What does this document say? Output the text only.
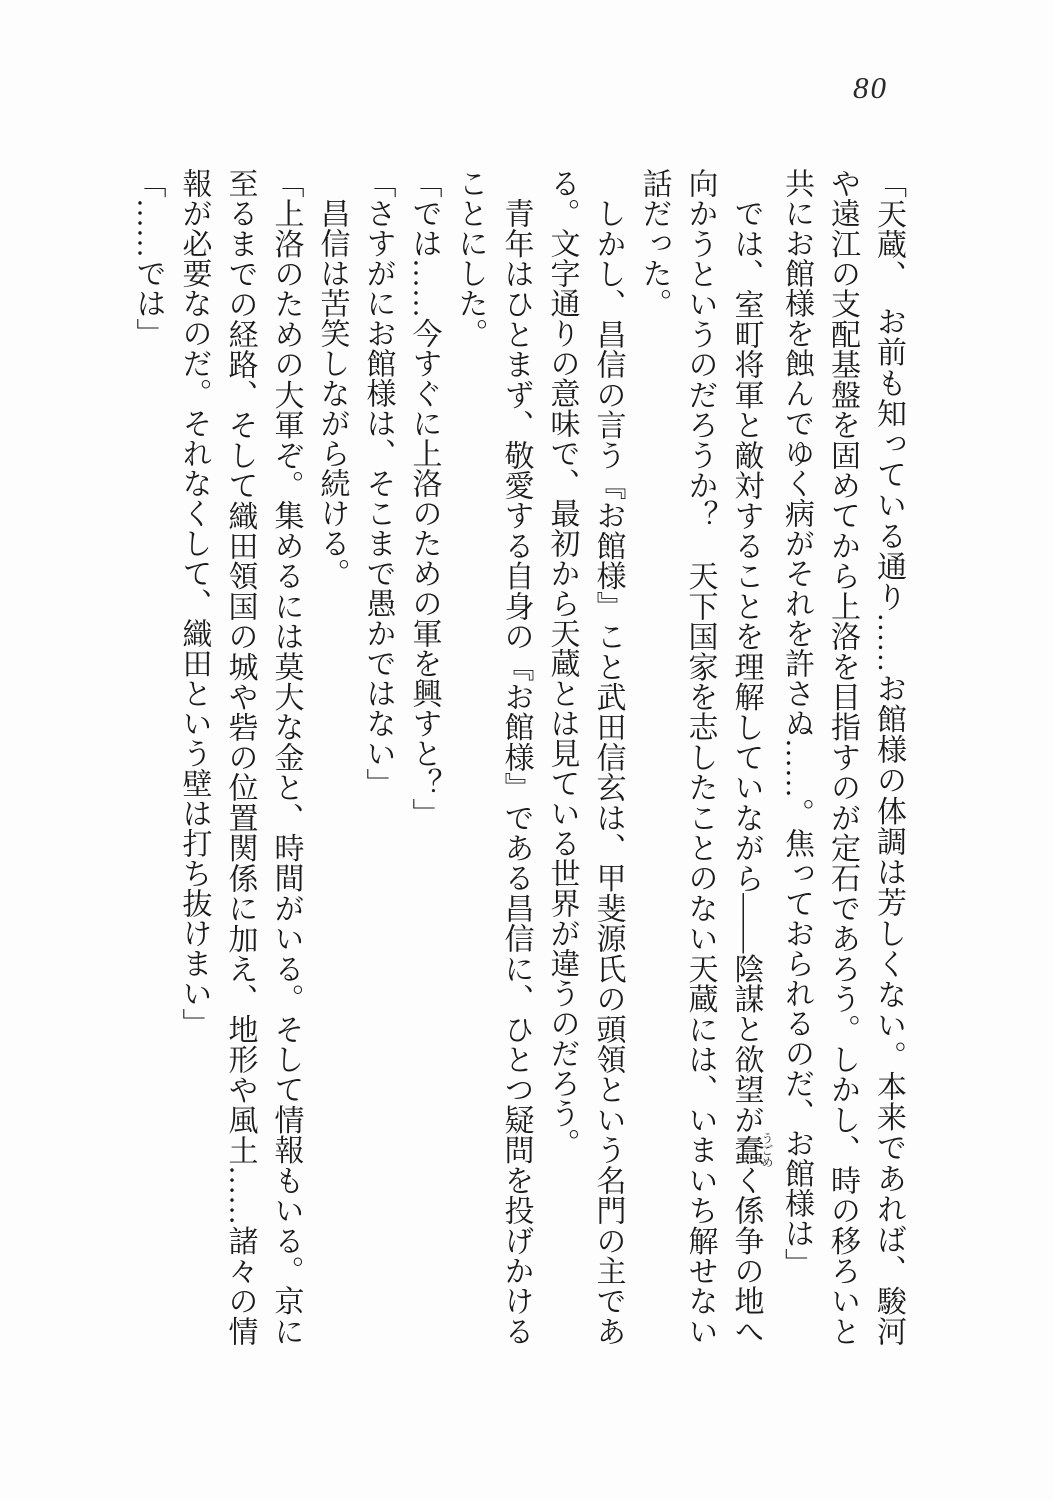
80

「天蔵、　お前も知っている通り……お館様の体調は芳しくない。本来であれば、駿河や遠江の支配基盤を固めてから上洛を目指すのが定石であろう。しかし、時の移ろいと共にお館様を蝕んでゆく病がそれを許さぬ……。焦っておられるのだ、お館様は」

　では、室町将軍と敵対することを理解していながら――陰謀と欲望が蠢うごめく係争の地へ向かうというのだろうか？　天下国家を志したことのない天蔵には、いまいち解せない話だった。

　しかし、昌信の言う『お館様』こと武田信玄は、甲斐源氏の頭領という名門の主である。文字通りの意味で、最初から天蔵とは見ている世界が違うのだろう。

　青年はひとまず、敬愛する自身の『お館様』である昌信に、ひとつ疑問を投げかけることにした。

「では……今すぐに上洛のための軍を興すと？」

「さすがにお館様は、そこまで愚かではない」

　昌信は苦笑しながら続ける。

「上洛のための大軍ぞ。集めるには莫大な金と、時間がいる。そして情報もいる。京に至るまでの経路、そして織田領国の城や砦の位置関係に加え、地形や風土……諸々の情報が必要なのだ。それなくして、織田という壁は打ち抜けまい」

「……では」
